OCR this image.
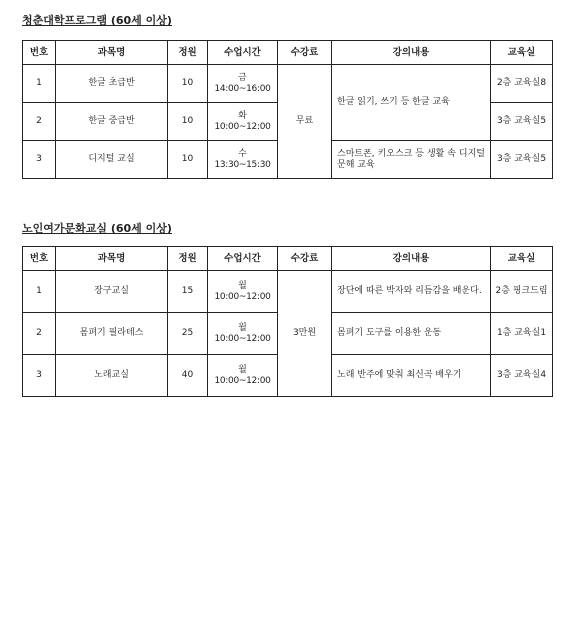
청춘대학프로그램 (60세 이상)
번호	과목명	정원	수업시간	수강료	강의내용	교육실
1	한글 초급반	10	금
14:00~16:00	무료	한글 읽기, 쓰기 등 한글 교육	2층 교육실8
2	한글 중급반	10	화
10:00~12:00			3층 교육실5
3	디지털 교실	10	수
13:30~15:30		스마트폰, 키오스크 등 생활 속 디지털 문해 교육	3층 교육실5
노인여가문화교실 (60세 이상)
번호	과목명	정원	수업시간	수강료	강의내용	교육실
1	장구교실	15	월
10:00~12:00	3만원	장단에 따른 박자와 리듬감을 배운다.	2층 핑크드림
2	몸펴기 필라테스	25	월
10:00~12:00		몸펴기 도구를 이용한 운동	1층 교육실1
3	노래교실	40	월
10:00~12:00		노래 반주에 맞춰 최신곡 배우기	3층 교육실4
